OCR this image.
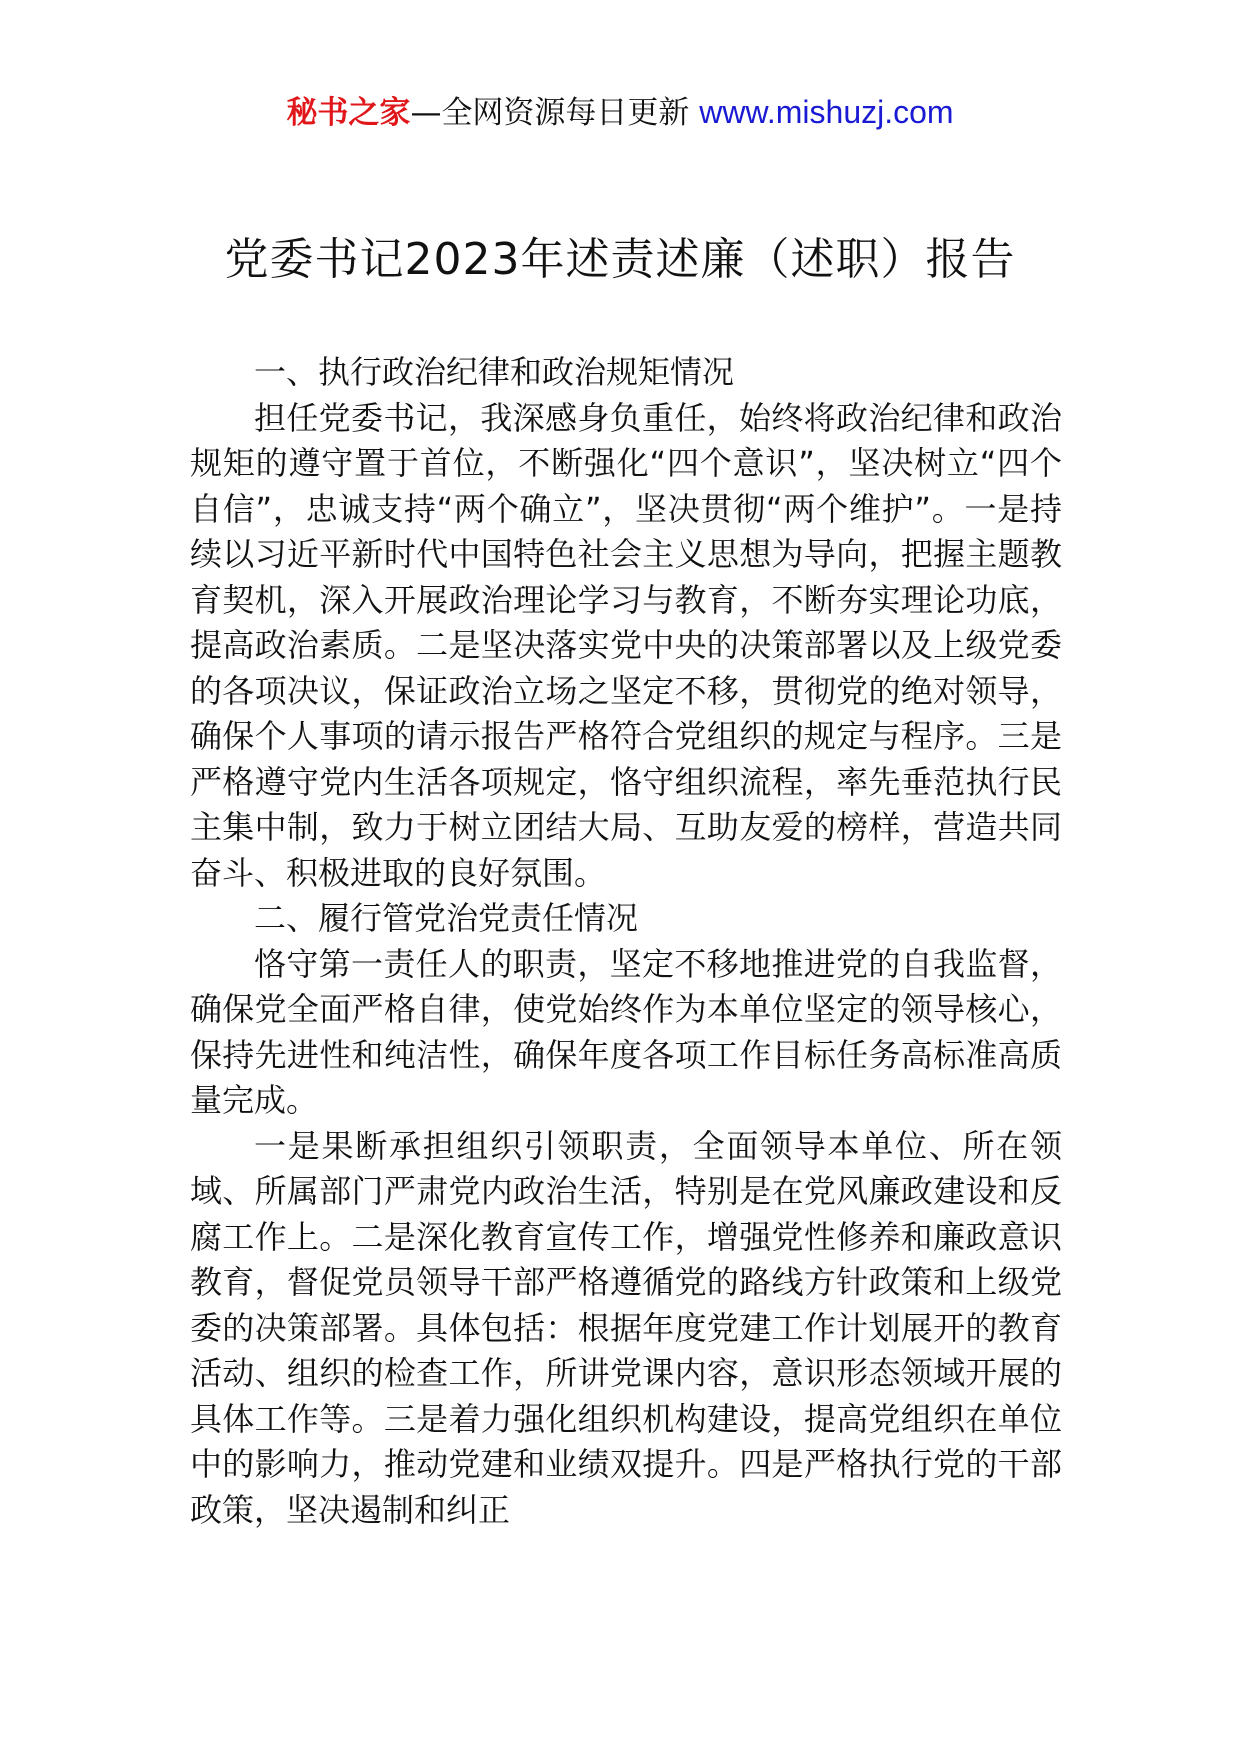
秘书之家—全网资源每日更新 www.mishuzj.com
党委书记2023年述责述廉（述职）报告

一、执行政治纪律和政治规矩情况

担任党委书记，我深感身负重任，始终将政治纪律和政治规矩的遵守置于首位，不断强化“四个意识”，坚决树立“四个自信”，忠诚支持“两个确立”，坚决贯彻“两个维护”。一是持续以习近平新时代中国特色社会主义思想为导向，把握主题教育契机，深入开展政治理论学习与教育，不断夯实理论功底，提高政治素质。二是坚决落实党中央的决策部署以及上级党委的各项决议，保证政治立场之坚定不移，贯彻党的绝对领导，确保个人事项的请示报告严格符合党组织的规定与程序。三是严格遵守党内生活各项规定，恪守组织流程，率先垂范执行民主集中制，致力于树立团结大局、互助友爱的榜样，营造共同奋斗、积极进取的良好氛围。

二、履行管党治党责任情况

恪守第一责任人的职责，坚定不移地推进党的自我监督，确保党全面严格自律，使党始终作为本单位坚定的领导核心，保持先进性和纯洁性，确保年度各项工作目标任务高标准高质量完成。

一是果断承担组织引领职责，全面领导本单位、所在领域、所属部门严肃党内政治生活，特别是在党风廉政建设和反腐工作上。二是深化教育宣传工作，增强党性修养和廉政意识教育，督促党员领导干部严格遵循党的路线方针政策和上级党委的决策部署。具体包括：根据年度党建工作计划展开的教育活动、组织的检查工作，所讲党课内容，意识形态领域开展的具体工作等。三是着力强化组织机构建设，提高党组织在单位中的影响力，推动党建和业绩双提升。四是严格执行党的干部政策，坚决遏制和纠正
